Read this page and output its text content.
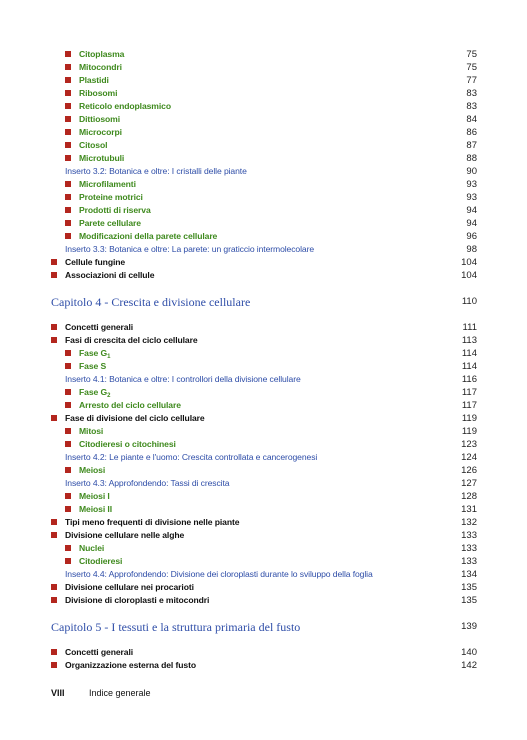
Citoplasma	75
Mitocondri	75
Plastidi	77
Ribosomi	83
Reticolo endoplasmico	83
Dittiosomi	84
Microcorpi	86
Citosol	87
Microtubuli	88
Inserto 3.2: Botanica e oltre: I cristalli delle piante	90
Microfilamenti	93
Proteine motrici	93
Prodotti di riserva	94
Parete cellulare	94
Modificazioni della parete cellulare	96
Inserto 3.3: Botanica e oltre: La parete: un graticcio intermolecolare	98
Cellule fungine	104
Associazioni di cellule	104
Capitolo 4 - Crescita e divisione cellulare	110
Concetti generali	111
Fasi di crescita del ciclo cellulare	113
Fase $G_1$	114
Fase S	114
Inserto 4.1: Botanica e oltre: I controllori della divisione cellulare	116
Fase $G_2$	117
Arresto del ciclo cellulare	117
Fase di divisione del ciclo cellulare	119
Mitosi	119
Citodieresi o citochinesi	123
Inserto 4.2: Le piante e l'uomo: Crescita controllata e cancerogenesi	124
Meiosi	126
Inserto 4.3: Approfondendo: Tassi di crescita	127
Meiosi I	128
Meiosi II	131
Tipi meno frequenti di divisione nelle piante	132
Divisione cellulare nelle alghe	133
Nuclei	133
Citodieresi	133
Inserto 4.4: Approfondendo: Divisione dei cloroplasti durante lo sviluppo della foglia	134
Divisione cellulare nei procarioti	135
Divisione di cloroplasti e mitocondri	135
Capitolo 5 - I tessuti e la struttura primaria del fusto	139
Concetti generali	140
Organizzazione esterna del fusto	142
VIII	Indice generale
